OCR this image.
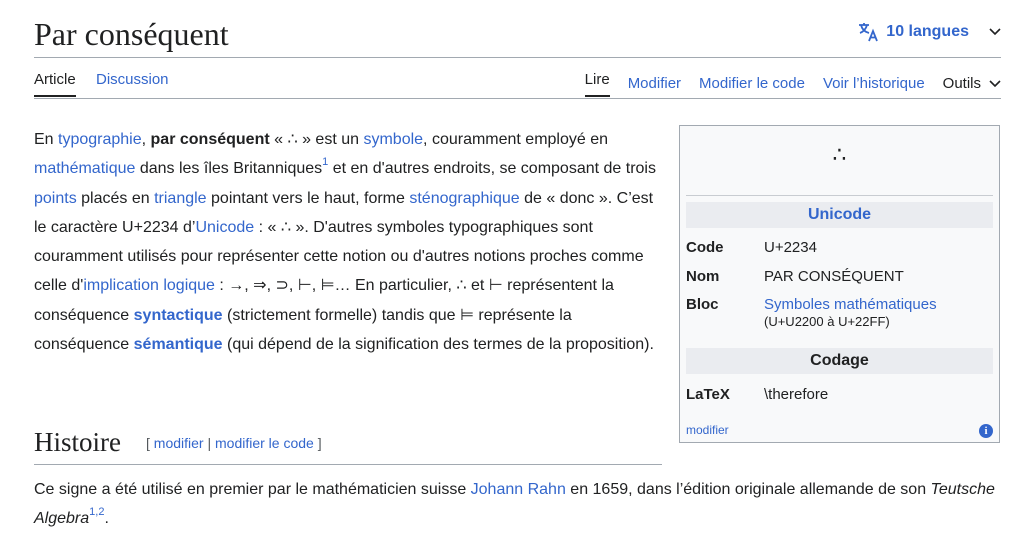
Par conséquent	10 langues
Article Discussion	Lire Modifier Modifier le code Voir l’historique Outils

En typographie, par conséquent « ∴ » est un symbole, couramment employé en mathématique dans les îles Britanniques$^1$ et en d'autres endroits, se composant de trois points placés en triangle pointant vers le haut, forme sténographique de « donc ». C’est le caractère U+2234 d’Unicode : « ∴ ». D'autres symboles typographiques sont couramment utilisés pour représenter cette notion ou d'autres notions proches comme celle d'implication logique : →, ⇒, ⊃, ⊢, ⊨… En particulier, ∴ et ⊢ représentent la conséquence syntactique (strictement formelle) tandis que ⊨ représente la conséquence sémantique (qui dépend de la signification des termes de la proposition).

Histoire [ modifier | modifier le code ]

Ce signe a été utilisé en premier par le mathématicien suisse Johann Rahn en 1659, dans l’édition originale allemande de son Teutsche Algebra$^{1,2}$.

∴
Unicode
Code	U+2234
Nom	PAR CONSÉQUENT
Bloc	Symboles mathématiques
(U+U2200 à U+22FF)
Codage
LaTeX \therefore
modifier	i
